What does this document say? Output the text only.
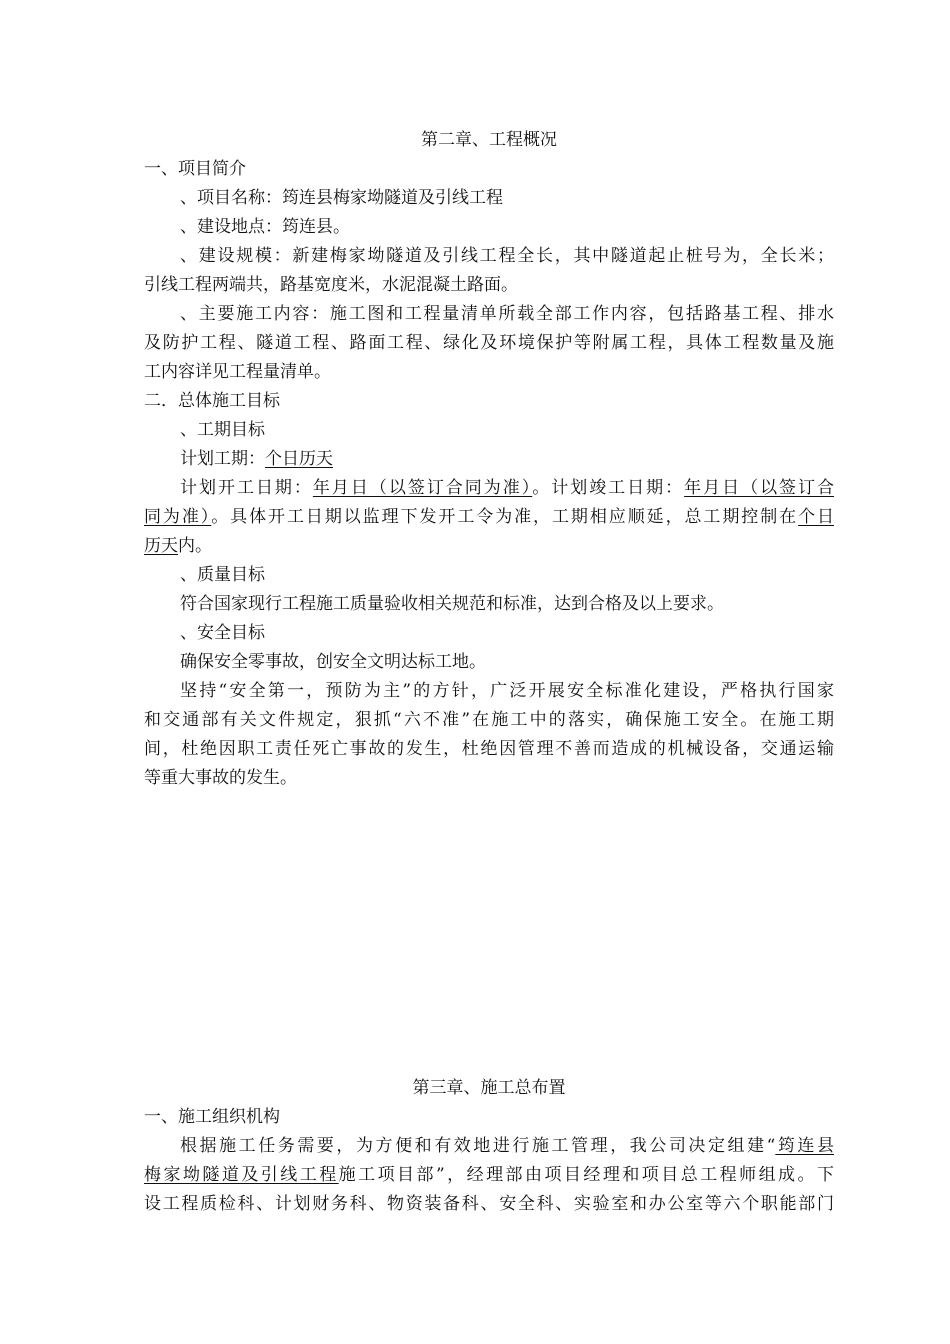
第二章、工程概况
一、项目简介
、项目名称：筠连县梅家坳隧道及引线工程
、建设地点：筠连县。
、建设规模：新建梅家坳隧道及引线工程全长，其中隧道起止桩号为，全长米；
引线工程两端共，路基宽度米，水泥混凝土路面。
、主要施工内容：施工图和工程量清单所载全部工作内容，包括路基工程、排水
及防护工程、隧道工程、路面工程、绿化及环境保护等附属工程，具体工程数量及施
工内容详见工程量清单。
二．总体施工目标
、工期目标
计划工期：个日历天
计划开工日期：年月日（以签订合同为准）。计划竣工日期：年月日（以签订合
同为准）。具体开工日期以监理下发开工令为准，工期相应顺延，总工期控制在个日
历天内。
、质量目标
符合国家现行工程施工质量验收相关规范和标准，达到合格及以上要求。
、安全目标
确保安全零事故，创安全文明达标工地。
坚持“安全第一，预防为主”的方针，广泛开展安全标准化建设，严格执行国家
和交通部有关文件规定，狠抓“六不准”在施工中的落实，确保施工安全。在施工期
间，杜绝因职工责任死亡事故的发生，杜绝因管理不善而造成的机械设备，交通运输
等重大事故的发生。
第三章、施工总布置
一、施工组织机构
根据施工任务需要，为方便和有效地进行施工管理，我公司决定组建“筠连县
梅家坳隧道及引线工程施工项目部”，经理部由项目经理和项目总工程师组成。下
设工程质检科、计划财务科、物资装备科、安全科、实验室和办公室等六个职能部门
